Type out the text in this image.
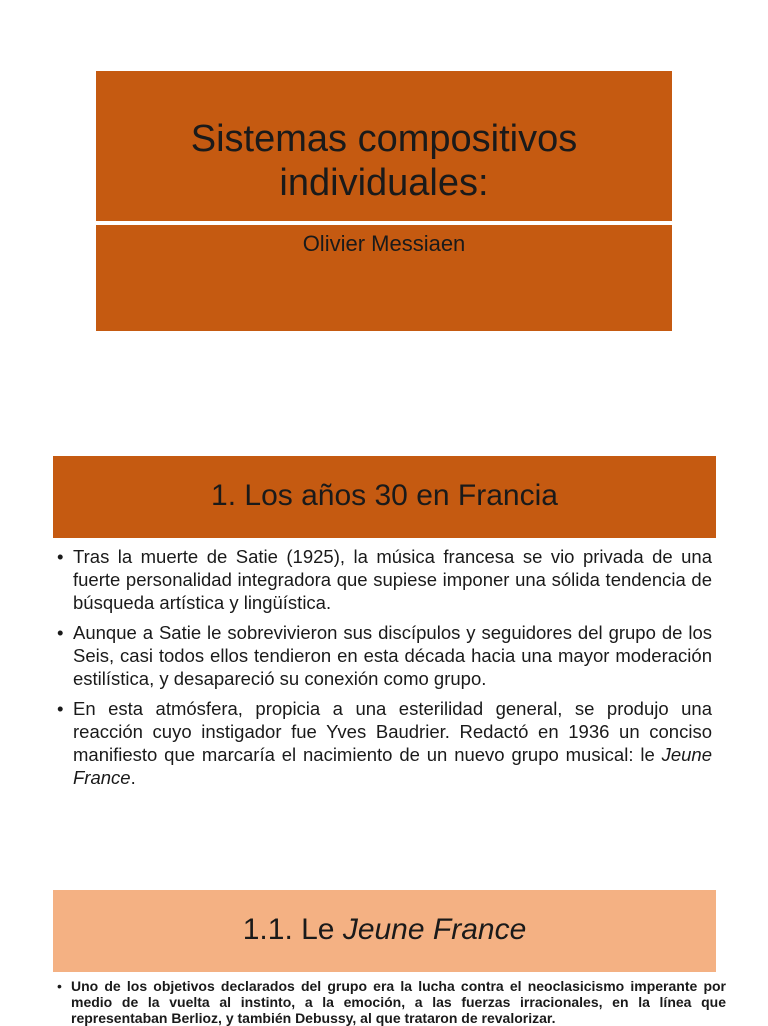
Sistemas compositivos individuales:
Olivier Messiaen
1. Los años 30 en Francia
• Tras la muerte de Satie (1925), la música francesa se vio privada de una fuerte personalidad integradora que supiese imponer una sólida tendencia de búsqueda artística y lingüística.
• Aunque a Satie le sobrevivieron sus discípulos y seguidores del grupo de los Seis, casi todos ellos tendieron en esta década hacia una mayor moderación estilística, y desapareció su conexión como grupo.
• En esta atmósfera, propicia a una esterilidad general, se produjo una reacción cuyo instigador fue Yves Baudrier. Redactó en 1936 un conciso manifiesto que marcaría el nacimiento de un nuevo grupo musical: le Jeune France.
1.1. Le Jeune France
• Uno de los objetivos declarados del grupo era la lucha contra el neoclasicismo imperante por medio de la vuelta al instinto, a la emoción, a las fuerzas irracionales, en la línea que representaban Berlioz, y también Debussy, al que trataron de revalorizar.
